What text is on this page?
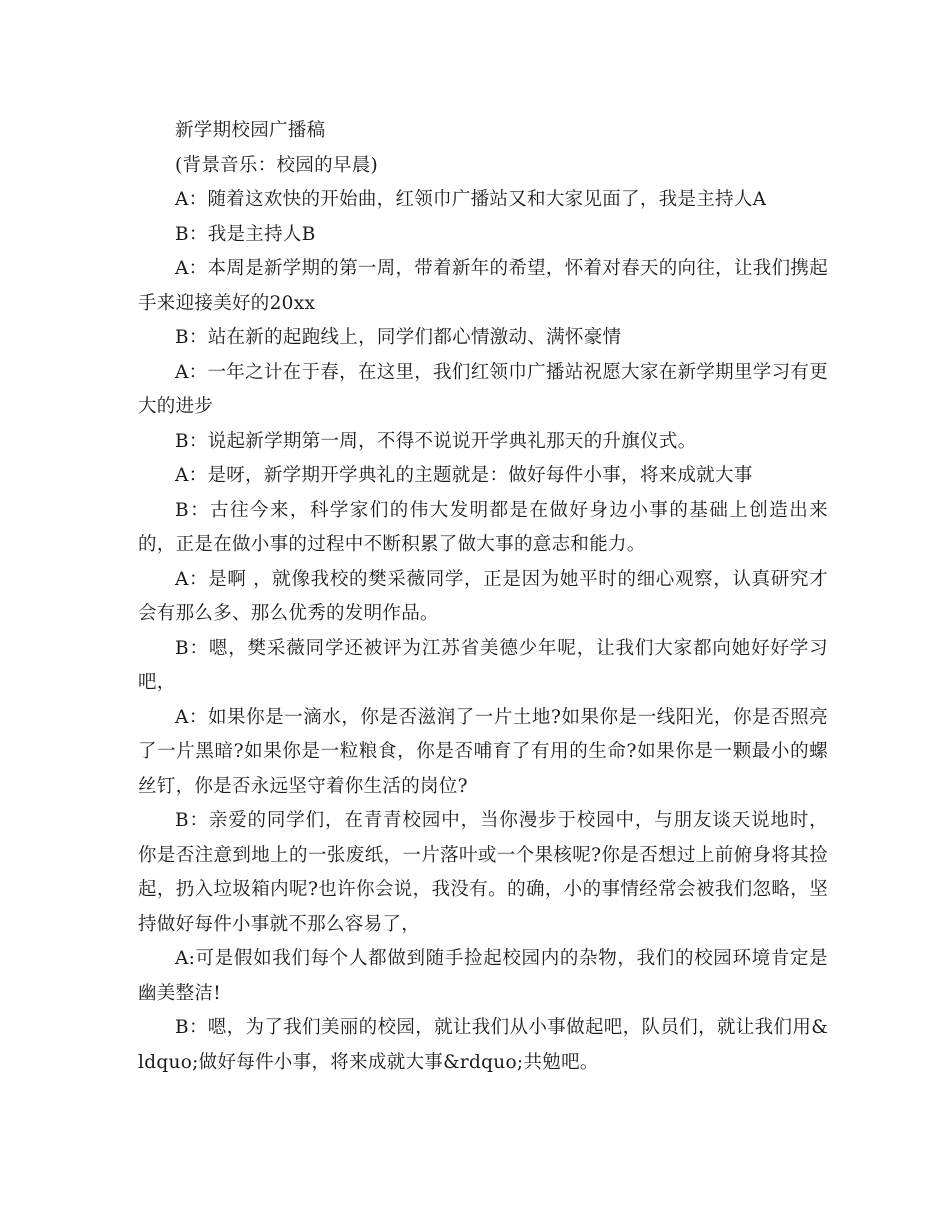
新学期校园广播稿

(背景音乐：校园的早晨)

A：随着这欢快的开始曲，红领巾广播站又和大家见面了，我是主持人A

B：我是主持人B

A：本周是新学期的第一周，带着新年的希望，怀着对春天的向往，让我们携起手来迎接美好的20xx

B：站在新的起跑线上，同学们都心情激动、满怀豪情

A：一年之计在于春，在这里，我们红领巾广播站祝愿大家在新学期里学习有更大的进步

B：说起新学期第一周，不得不说说开学典礼那天的升旗仪式。

A：是呀，新学期开学典礼的主题就是：做好每件小事，将来成就大事

B：古往今来，科学家们的伟大发明都是在做好身边小事的基础上创造出来的，正是在做小事的过程中不断积累了做大事的意志和能力。

A：是啊 ，就像我校的樊采薇同学，正是因为她平时的细心观察，认真研究才会有那么多、那么优秀的发明作品。

B：嗯，樊采薇同学还被评为江苏省美德少年呢，让我们大家都向她好好学习吧，

A：如果你是一滴水，你是否滋润了一片土地?如果你是一线阳光，你是否照亮了一片黑暗?如果你是一粒粮食，你是否哺育了有用的生命?如果你是一颗最小的螺丝钉，你是否永远坚守着你生活的岗位?

B：亲爱的同学们，在青青校园中，当你漫步于校园中，与朋友谈天说地时，你是否注意到地上的一张废纸，一片落叶或一个果核呢?你是否想过上前俯身将其捡起，扔入垃圾箱内呢?也许你会说，我没有。的确，小的事情经常会被我们忽略，坚持做好每件小事就不那么容易了，

A:可是假如我们每个人都做到随手捡起校园内的杂物，我们的校园环境肯定是幽美整洁!

B：嗯，为了我们美丽的校园，就让我们从小事做起吧，队员们，就让我们用&ldquo;做好每件小事，将来成就大事&rdquo;共勉吧。
